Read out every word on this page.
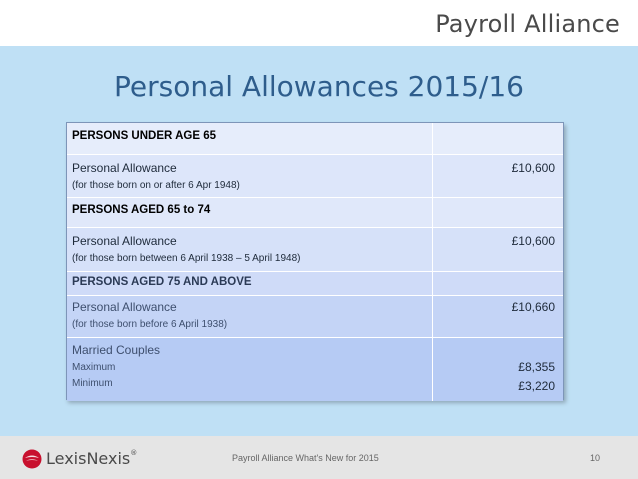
Payroll Alliance
Personal Allowances 2015/16
PERSONS UNDER AGE 65
Personal Allowance
(for those born on or after 6 Apr 1948)
£10,600
PERSONS AGED 65 to 74
Personal Allowance
(for those born between 6 April 1938 – 5 April 1948)
£10,600
PERSONS AGED 75 AND ABOVE
Personal Allowance
(for those born before 6 April 1938)
£10,660
Married Couples
Maximum
Minimum
£8,355
£3,220
LexisNexis®	Payroll Alliance What's New for 2015	10
